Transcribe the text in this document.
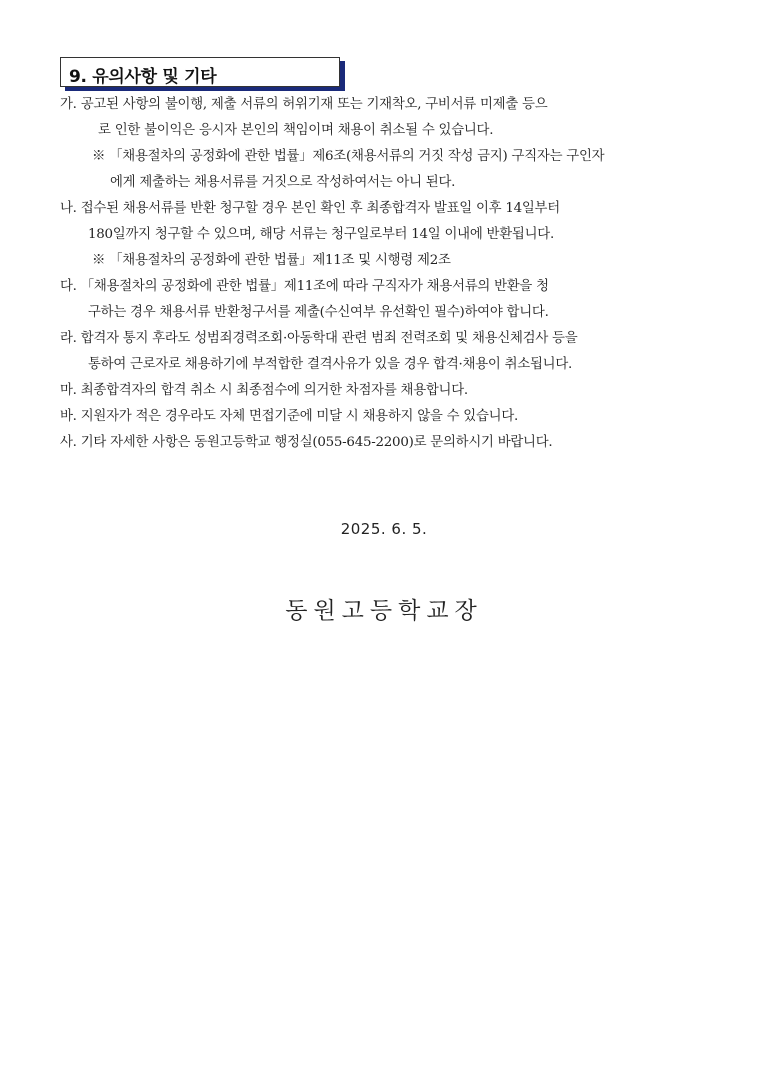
9. 유의사항 및 기타
가. 공고된 사항의 불이행, 제출 서류의 허위기재 또는 기재착오, 구비서류 미제출 등으
로 인한 불이익은 응시자 본인의 책임이며 채용이 취소될 수 있습니다.
※ 「채용절차의 공정화에 관한 법률」제6조(채용서류의 거짓 작성 금지) 구직자는 구인자
에게 제출하는 채용서류를 거짓으로 작성하여서는 아니 된다.
나. 접수된 채용서류를 반환 청구할 경우 본인 확인 후 최종합격자 발표일 이후 14일부터
180일까지 청구할 수 있으며, 해당 서류는 청구일로부터 14일 이내에 반환됩니다.
※ 「채용절차의 공정화에 관한 법률」제11조 및 시행령 제2조
다. 「채용절차의 공정화에 관한 법률」제11조에 따라 구직자가 채용서류의 반환을 청
구하는 경우 채용서류 반환청구서를 제출(수신여부 유선확인 필수)하여야 합니다.
라. 합격자 통지 후라도 성범죄경력조회·아동학대 관련 범죄 전력조회 및 채용신체검사 등을
통하여 근로자로 채용하기에 부적합한 결격사유가 있을 경우 합격·채용이 취소됩니다.
마. 최종합격자의 합격 취소 시 최종점수에 의거한 차점자를 채용합니다.
바. 지원자가 적은 경우라도 자체 면접기준에 미달 시 채용하지 않을 수 있습니다.
사. 기타 자세한 사항은 동원고등학교 행정실(055-645-2200)로 문의하시기 바랍니다.
2025. 6. 5.
동원고등학교장
